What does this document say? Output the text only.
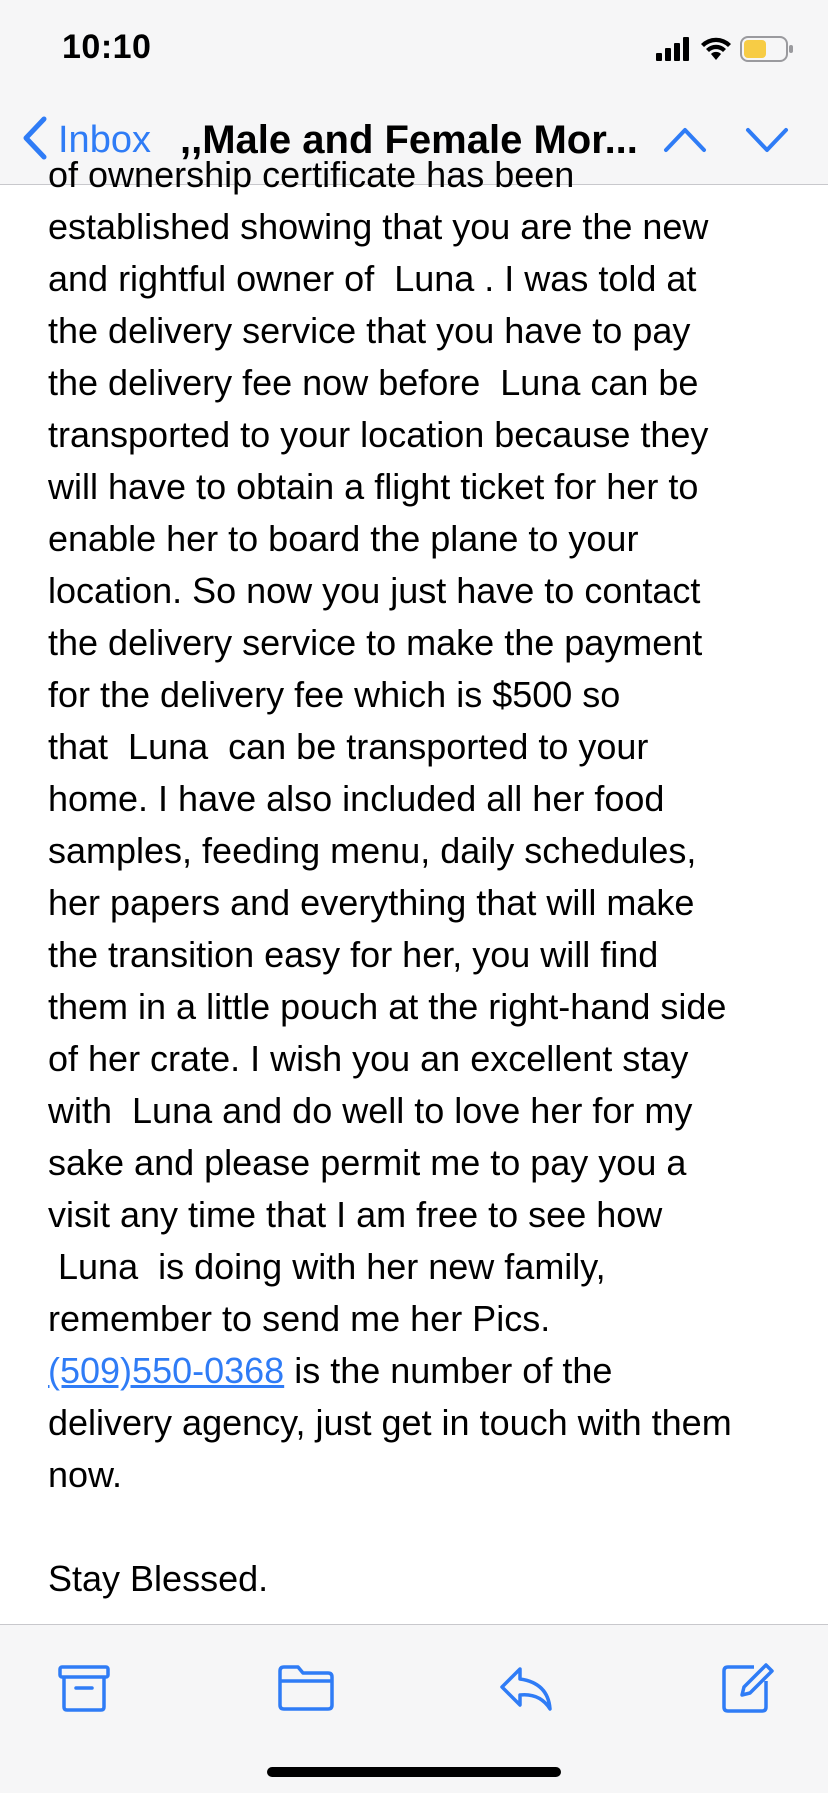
10:10
Inbox ,,Male and Female Mor...

of ownership certificate has been

established showing that you are the new

and rightful owner of  Luna . I was told at

the delivery service that you have to pay

the delivery fee now before  Luna can be

transported to your location because they

will have to obtain a flight ticket for her to

enable her to board the plane to your

location. So now you just have to contact

the delivery service to make the payment

for the delivery fee which is $500 so

that  Luna  can be transported to your

home. I have also included all her food

samples, feeding menu, daily schedules,

her papers and everything that will make

the transition easy for her, you will find

them in a little pouch at the right-hand side

of her crate. I wish you an excellent stay

with  Luna and do well to love her for my

sake and please permit me to pay you a

visit any time that I am free to see how

Luna  is doing with her new family,

remember to send me her Pics.

(509)550-0368 is the number of the

delivery agency, just get in touch with them

now.

Stay Blessed.
